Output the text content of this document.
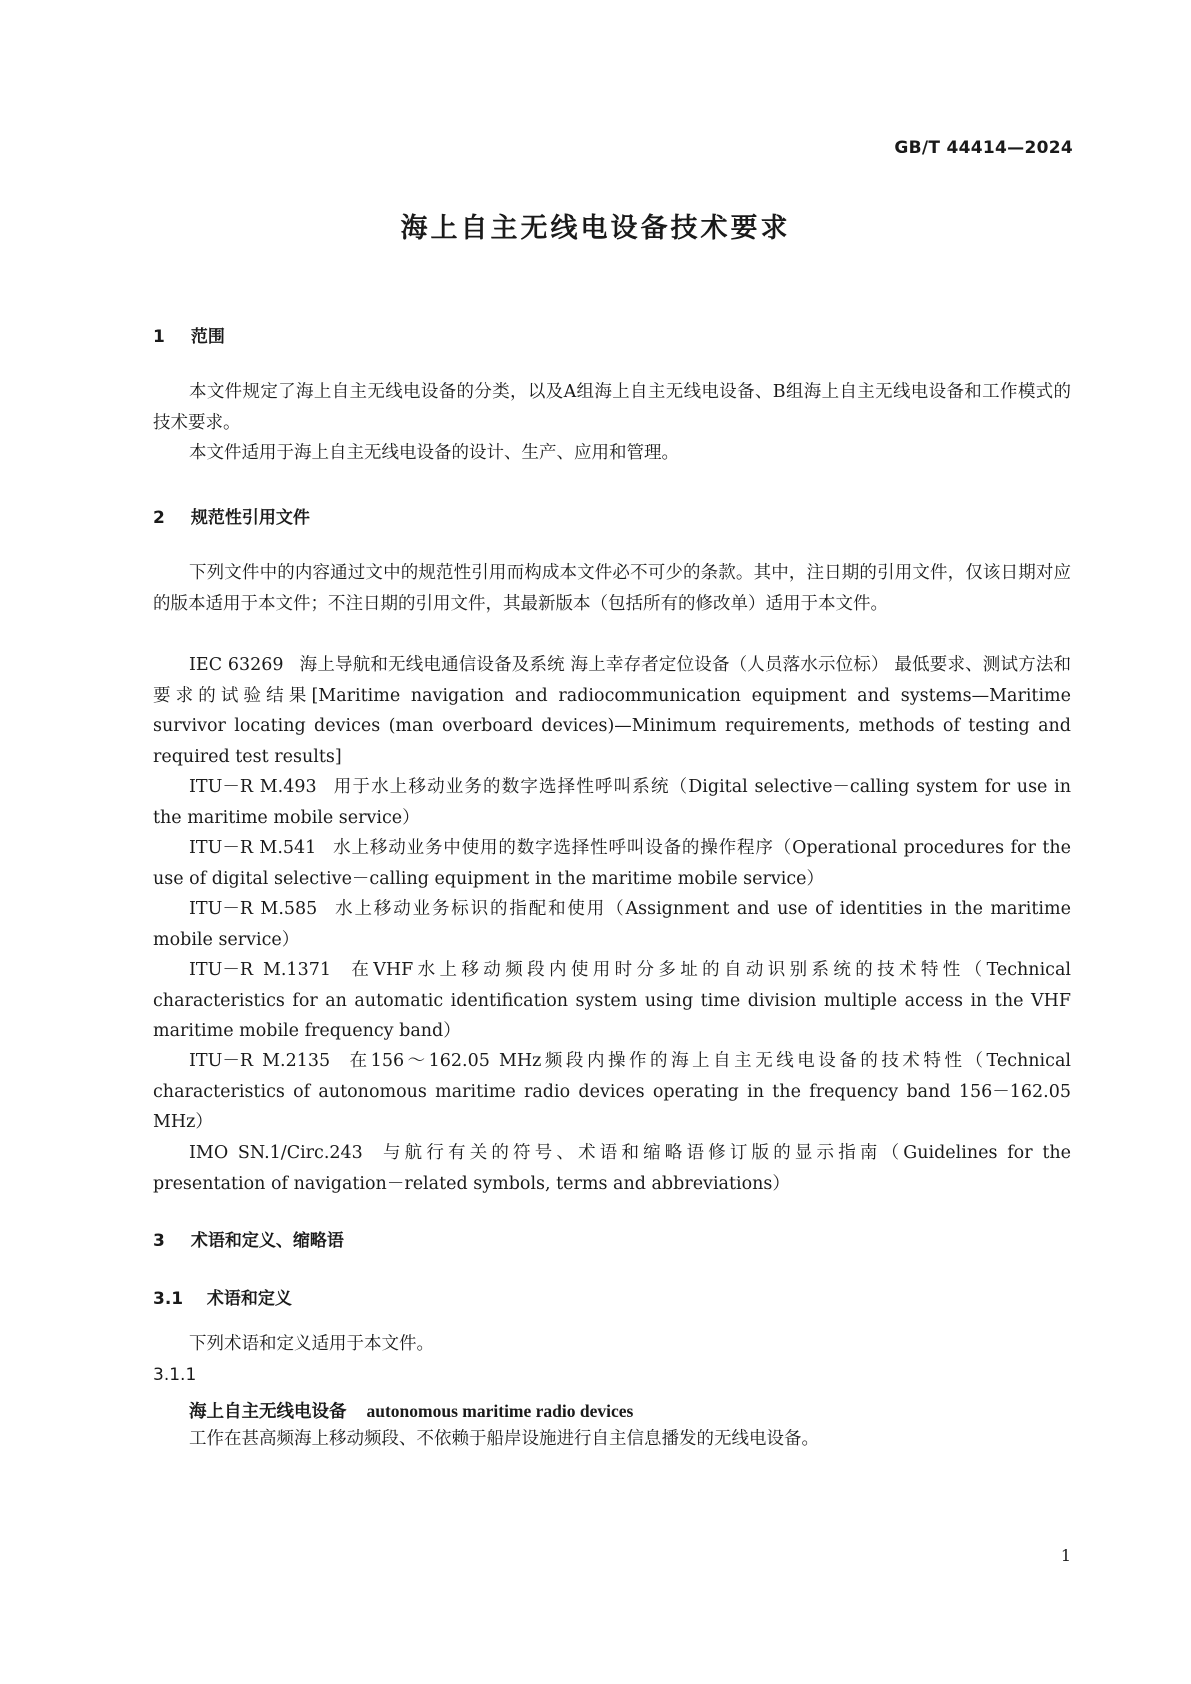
GB/T 44414—2024
海上自主无线电设备技术要求
1 范围

本文件规定了海上自主无线电设备的分类，以及A组海上自主无线电设备、B组海上自主无线电设备和工作模式的技术要求。

本文件适用于海上自主无线电设备的设计、生产、应用和管理。

2 规范性引用文件

下列文件中的内容通过文中的规范性引用而构成本文件必不可少的条款。其中，注日期的引用文件，仅该日期对应的版本适用于本文件；不注日期的引用文件，其最新版本（包括所有的修改单）适用于本文件。

IEC 63269 海上导航和无线电通信设备及系统 海上幸存者定位设备（人员落水示位标） 最低要求、测试方法和要求的试验结果[Maritime navigation and radiocommunication equipment and systems—Maritime survivor locating devices (man overboard devices)—Minimum requirements, methods of testing and required test results]

ITU－R M.493 用于水上移动业务的数字选择性呼叫系统（Digital selective－calling system for use in the maritime mobile service）

ITU－R M.541 水上移动业务中使用的数字选择性呼叫设备的操作程序（Operational procedures for the use of digital selective－calling equipment in the maritime mobile service）

ITU－R M.585 水上移动业务标识的指配和使用（Assignment and use of identities in the maritime mobile service）

ITU－R M.1371 在VHF水上移动频段内使用时分多址的自动识别系统的技术特性（Technical characteristics for an automatic identification system using time division multiple access in the VHF maritime mobile frequency band）

ITU－R M.2135 在156～162.05 MHz频段内操作的海上自主无线电设备的技术特性（Technical characteristics of autonomous maritime radio devices operating in the frequency band 156－162.05 MHz）

IMO SN.1/Circ.243 与航行有关的符号、术语和缩略语修订版的显示指南（Guidelines for the presentation of navigation－related symbols, terms and abbreviations）

3 术语和定义、缩略语
3.1 术语和定义

下列术语和定义适用于本文件。

3.1.1
海上自主无线电设备 autonomous maritime radio devices

工作在甚高频海上移动频段、不依赖于船岸设施进行自主信息播发的无线电设备。

1
